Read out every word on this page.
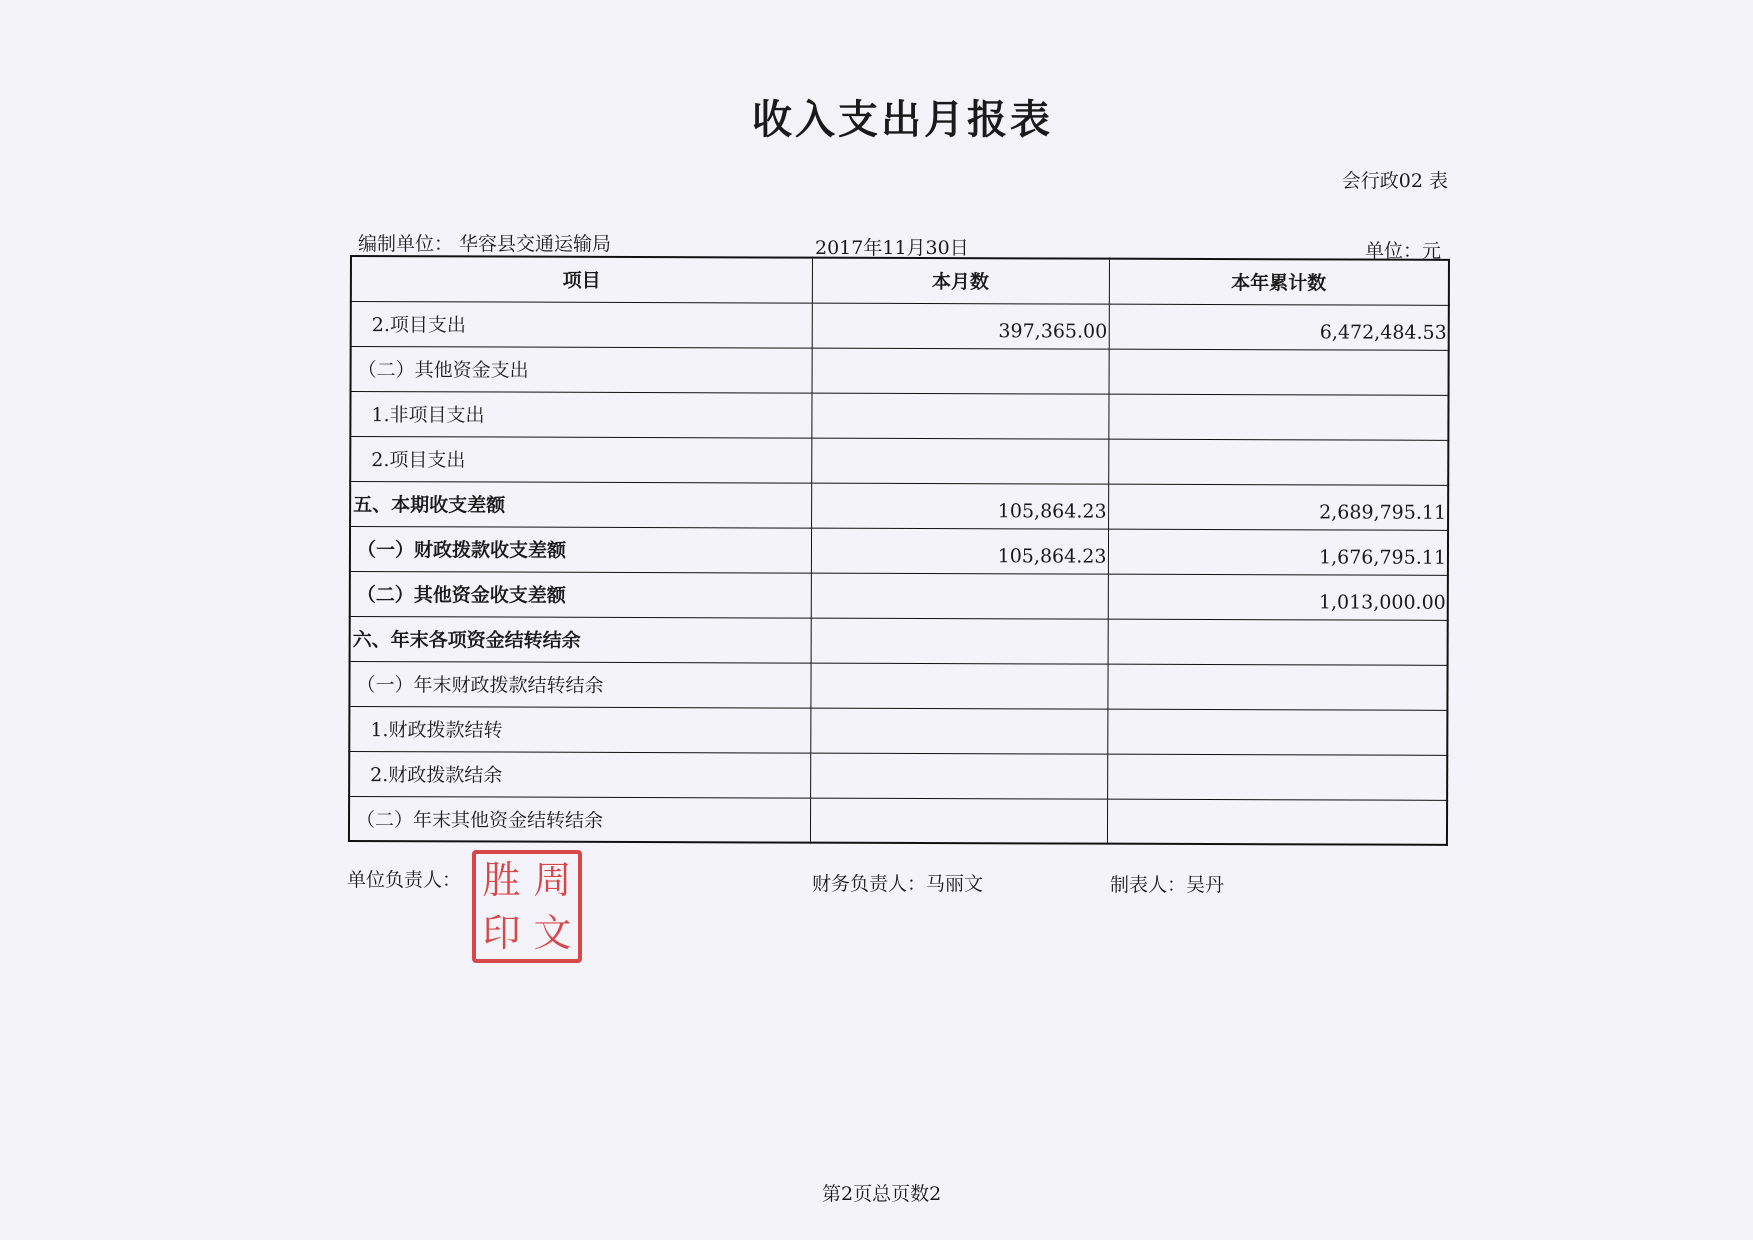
收入支出月报表
会行政02 表
编制单位： 华容县交通运输局	2017年11月30日	单位：元
项目	本月数	本年累计数
2.项目支出	397,365.00	6,472,484.53
（二）其他资金支出		
1.非项目支出		
2.项目支出		
五、本期收支差额	105,864.23	2,689,795.11
（一）财政拨款收支差额	105,864.23	1,676,795.11
（二）其他资金收支差额		1,013,000.00
六、年末各项资金结转结余		
（一）年末财政拨款结转结余		
1.财政拨款结转		
2.财政拨款结余		
（二）年末其他资金结转结余		
单位负责人： 胜 周
印 文
财务负责人：马丽文	制表人：吴丹
第2页总页数2
